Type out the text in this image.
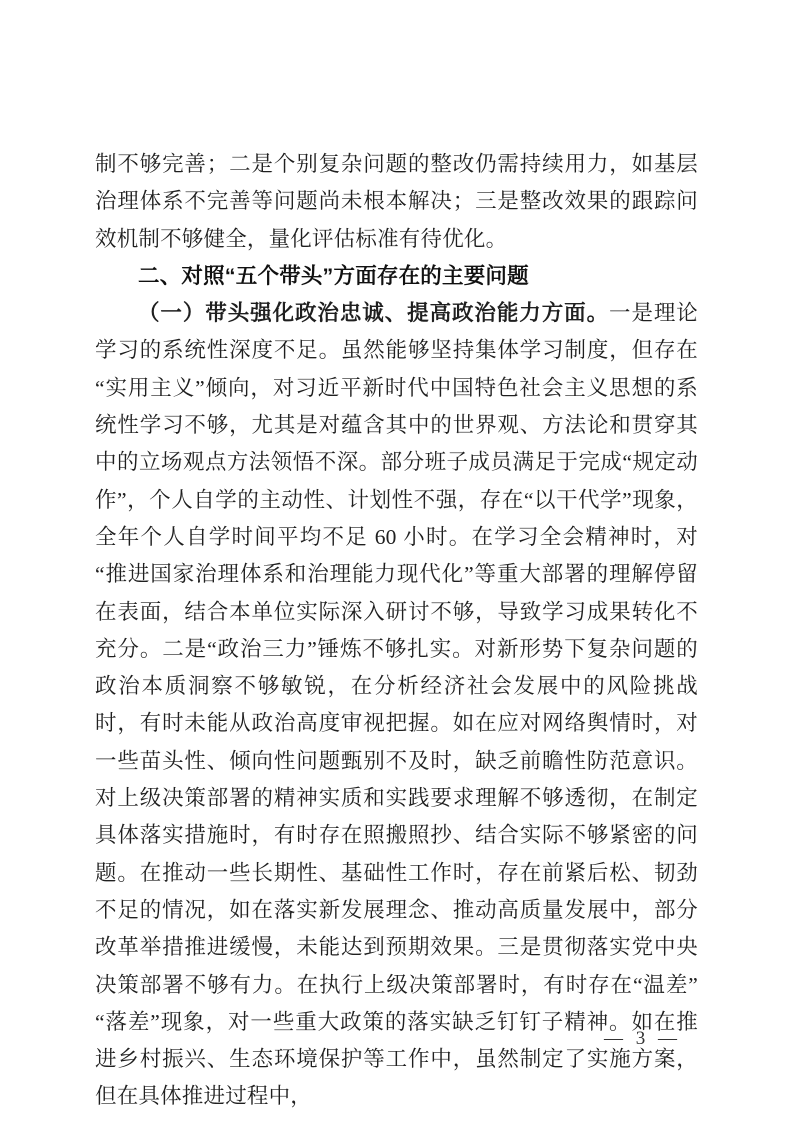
制不够完善；二是个别复杂问题的整改仍需持续用力，如基层治理体系不完善等问题尚未根本解决；三是整改效果的跟踪问效机制不够健全，量化评估标准有待优化。

二、对照“五个带头”方面存在的主要问题

（一）带头强化政治忠诚、提高政治能力方面。一是理论学习的系统性深度不足。虽然能够坚持集体学习制度，但存在“实用主义”倾向，对习近平新时代中国特色社会主义思想的系统性学习不够，尤其是对蕴含其中的世界观、方法论和贯穿其中的立场观点方法领悟不深。部分班子成员满足于完成“规定动作”，个人自学的主动性、计划性不强，存在“以干代学”现象，全年个人自学时间平均不足 60 小时。在学习全会精神时，对“推进国家治理体系和治理能力现代化”等重大部署的理解停留在表面，结合本单位实际深入研讨不够，导致学习成果转化不充分。二是“政治三力”锤炼不够扎实。对新形势下复杂问题的政治本质洞察不够敏锐，在分析经济社会发展中的风险挑战时，有时未能从政治高度审视把握。如在应对网络舆情时，对一些苗头性、倾向性问题甄别不及时，缺乏前瞻性防范意识。对上级决策部署的精神实质和实践要求理解不够透彻，在制定具体落实措施时，有时存在照搬照抄、结合实际不够紧密的问题。在推动一些长期性、基础性工作时，存在前紧后松、韧劲不足的情况，如在落实新发展理念、推动高质量发展中，部分改革举措推进缓慢，未能达到预期效果。三是贯彻落实党中央决策部署不够有力。在执行上级决策部署时，有时存在“温差”“落差”现象，对一些重大政策的落实缺乏钉钉子精神。如在推进乡村振兴、生态环境保护等工作中，虽然制定了实施方案，但在具体推进过程中，

— 3 —
